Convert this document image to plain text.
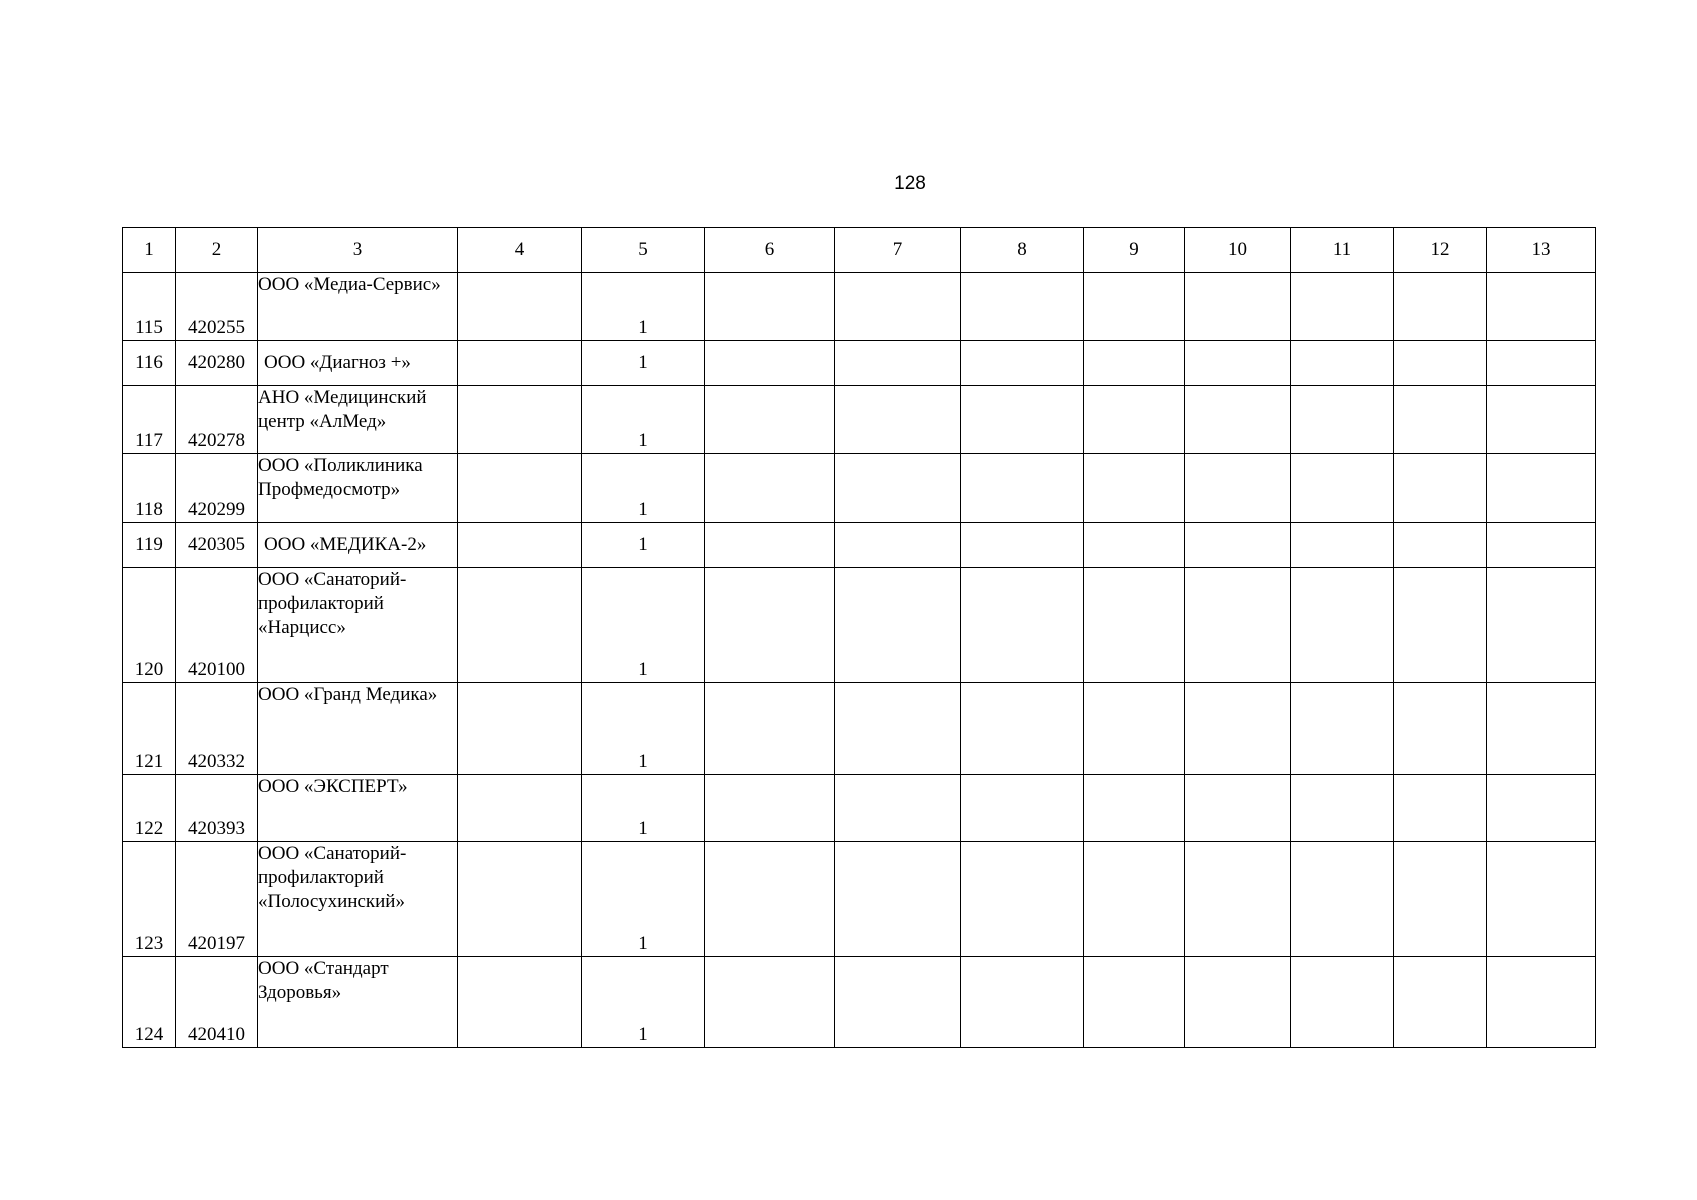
128
1	2	3	4	5	6	7	8	9	10	11	12	13
115	420255	ООО «Медиа-Сервис»		1								
116	420280	ООО «Диагноз +»		1								
117	420278	АНО «Медицинский центр «АлМед»		1								
118	420299	ООО «Поликлиника Профмедосмотр»		1								
119	420305	ООО «МЕДИКА-2»		1								
120	420100	ООО «Санаторий-профилакторий «Нарцисс»		1								
121	420332	ООО «Гранд Медика»		1								
122	420393	ООО «ЭКСПЕРТ»		1								
123	420197	ООО «Санаторий-профилакторий «Полосухинский»		1								
124	420410	ООО «Стандарт Здоровья»		1								
